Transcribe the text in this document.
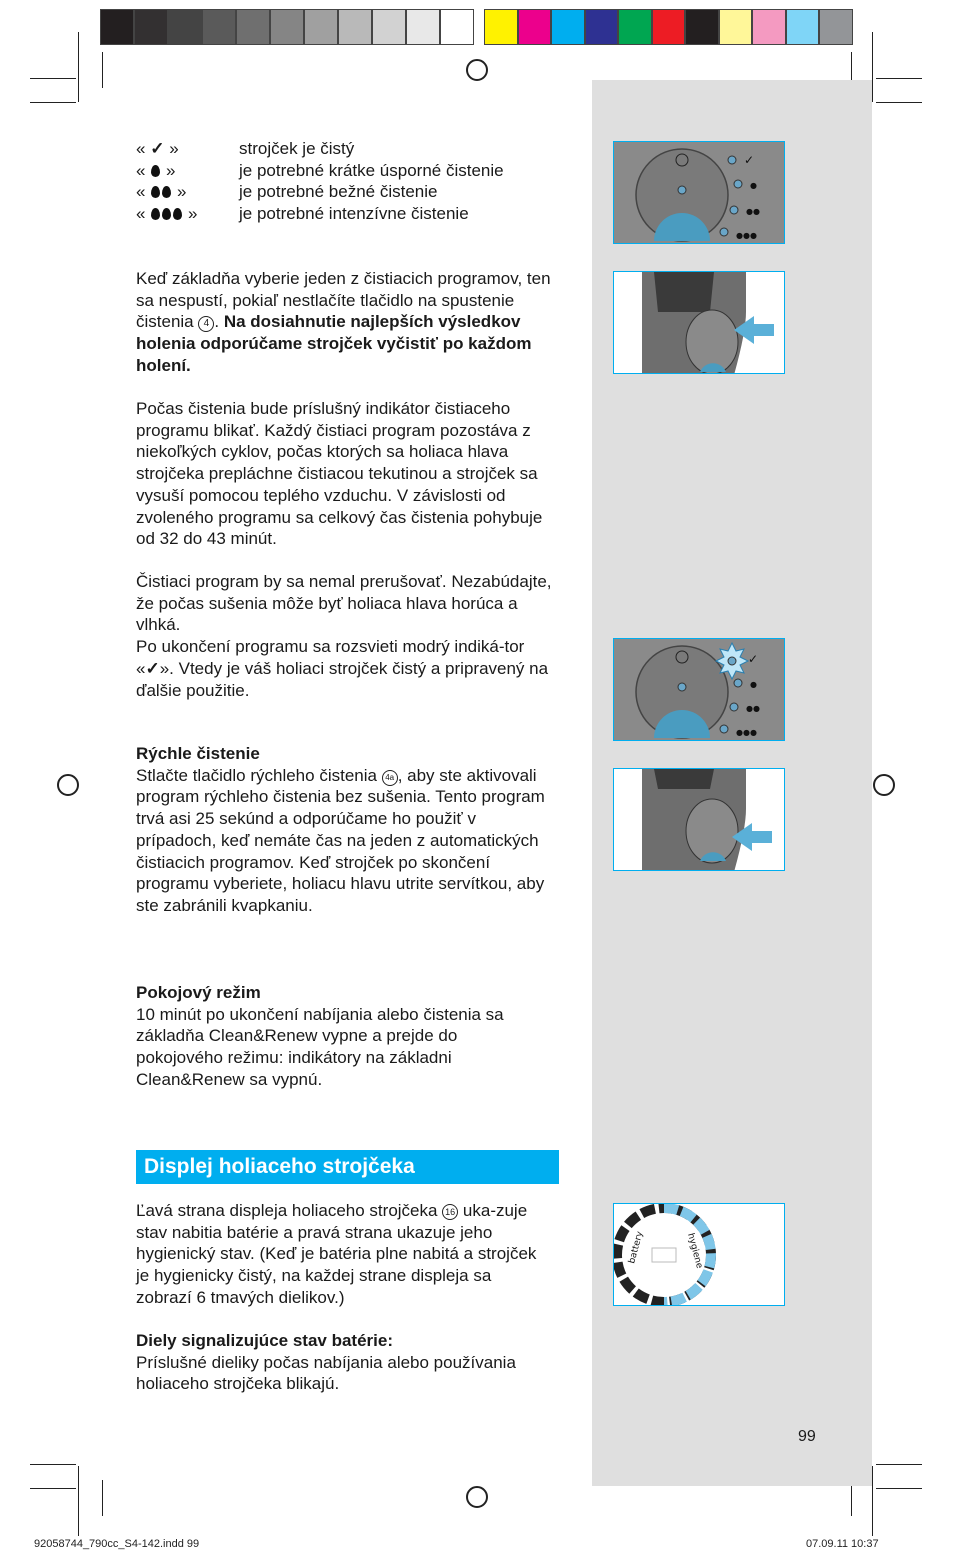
« ✓ »	strojček je čistý
« »	je potrebné krátke úsporné čistenie
« »	je potrebné bežné čistenie
« » je potrebné intenzívne čistenie
Keď základňa vyberie jeden z čistiacich programov, ten sa nespustí, pokiaľ nestlačíte tlačidlo na spustenie čistenia 4 . Na dosiahnutie najlepších výsledkov holenia odporúčame strojček vyčistiť po každom holení.
Počas čistenia bude príslušný indikátor čistiaceho programu blikať. Každý čistiaci program pozostáva z niekoľkých cyklov, počas ktorých sa holiaca hlava strojčeka prepláchne čistiacou tekutinou a strojček sa vysuší pomocou teplého vzduchu. V závislosti od zvoleného programu sa celkový čas čistenia pohybuje od 32 do 43 minút.
Čistiaci program by sa nemal prerušovať. Nezabúdajte, že počas sušenia môže byť holiaca hlava horúca a vlhká.
Po ukončení programu sa rozsvieti modrý indiká-tor «✓». Vtedy je váš holiaci strojček čistý a pripravený na ďalšie použitie.
Rýchle čistenie
Stlačte tlačidlo rýchleho čistenia 4a , aby ste aktivovali program rýchleho čistenia bez sušenia. Tento program trvá asi 25 sekúnd a odporúčame ho použiť v prípadoch, keď nemáte čas na jeden z automatických čistiacich programov. Keď strojček po skončení programu vyberiete, holiacu hlavu utrite servítkou, aby ste zabránili kvapkaniu.
Pokojový režim
10 minút po ukončení nabíjania alebo čistenia sa základňa Clean&Renew vypne a prejde do pokojového režimu: indikátory na základni Clean&Renew sa vypnú.
Displej holiaceho strojčeka
Ľavá strana displeja holiaceho strojčeka 16 uka-zuje stav nabitia batérie a pravá strana ukazuje jeho hygienický stav. (Keď je batéria plne nabitá a strojček je hygienicky čistý, na každej strane displeja sa zobrazí 6 tmavých dielikov.)
Diely signalizujúce stav batérie:
Príslušné dieliky počas nabíjania alebo používania holiaceho strojčeka blikajú.
✓
●
●●
●●●
✓
●
●●
●●●
battery	hygiene
99
92058744_790cc_S4-142.indd 99	07.09.11 10:37
